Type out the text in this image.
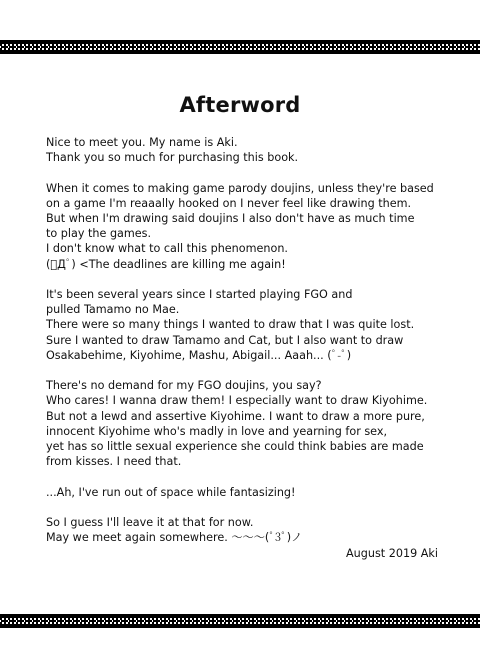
Afterword
Nice to meet you. My name is Aki.
Thank you so much for purchasing this book.
When it comes to making game parody doujins, unless they're based
on a game I'm reaaally hooked on I never feel like drawing them.
But when I'm drawing said doujins I also don't have as much time
to play the games.
I don't know what to call this phenomenon.
(ﾟДﾟ) <The deadlines are killing me again!
It's been several years since I started playing FGO and
pulled Tamamo no Mae.
There were so many things I wanted to draw that I was quite lost.
Sure I wanted to draw Tamamo and Cat, but I also want to draw
Osakabehime, Kiyohime, Mashu, Abigail... Aaah... (ﾟ-ﾟ)
There's no demand for my FGO doujins, you say?
Who cares! I wanna draw them! I especially want to draw Kiyohime.
But not a lewd and assertive Kiyohime. I want to draw a more pure,
innocent Kiyohime who's madly in love and yearning for sex,
yet has so little sexual experience she could think babies are made
from kisses. I need that.
...Ah, I've run out of space while fantasizing!
So I guess I'll leave it at that for now.
May we meet again somewhere. ～～～(ﾟ3ﾟ)ノ
August 2019 Aki
